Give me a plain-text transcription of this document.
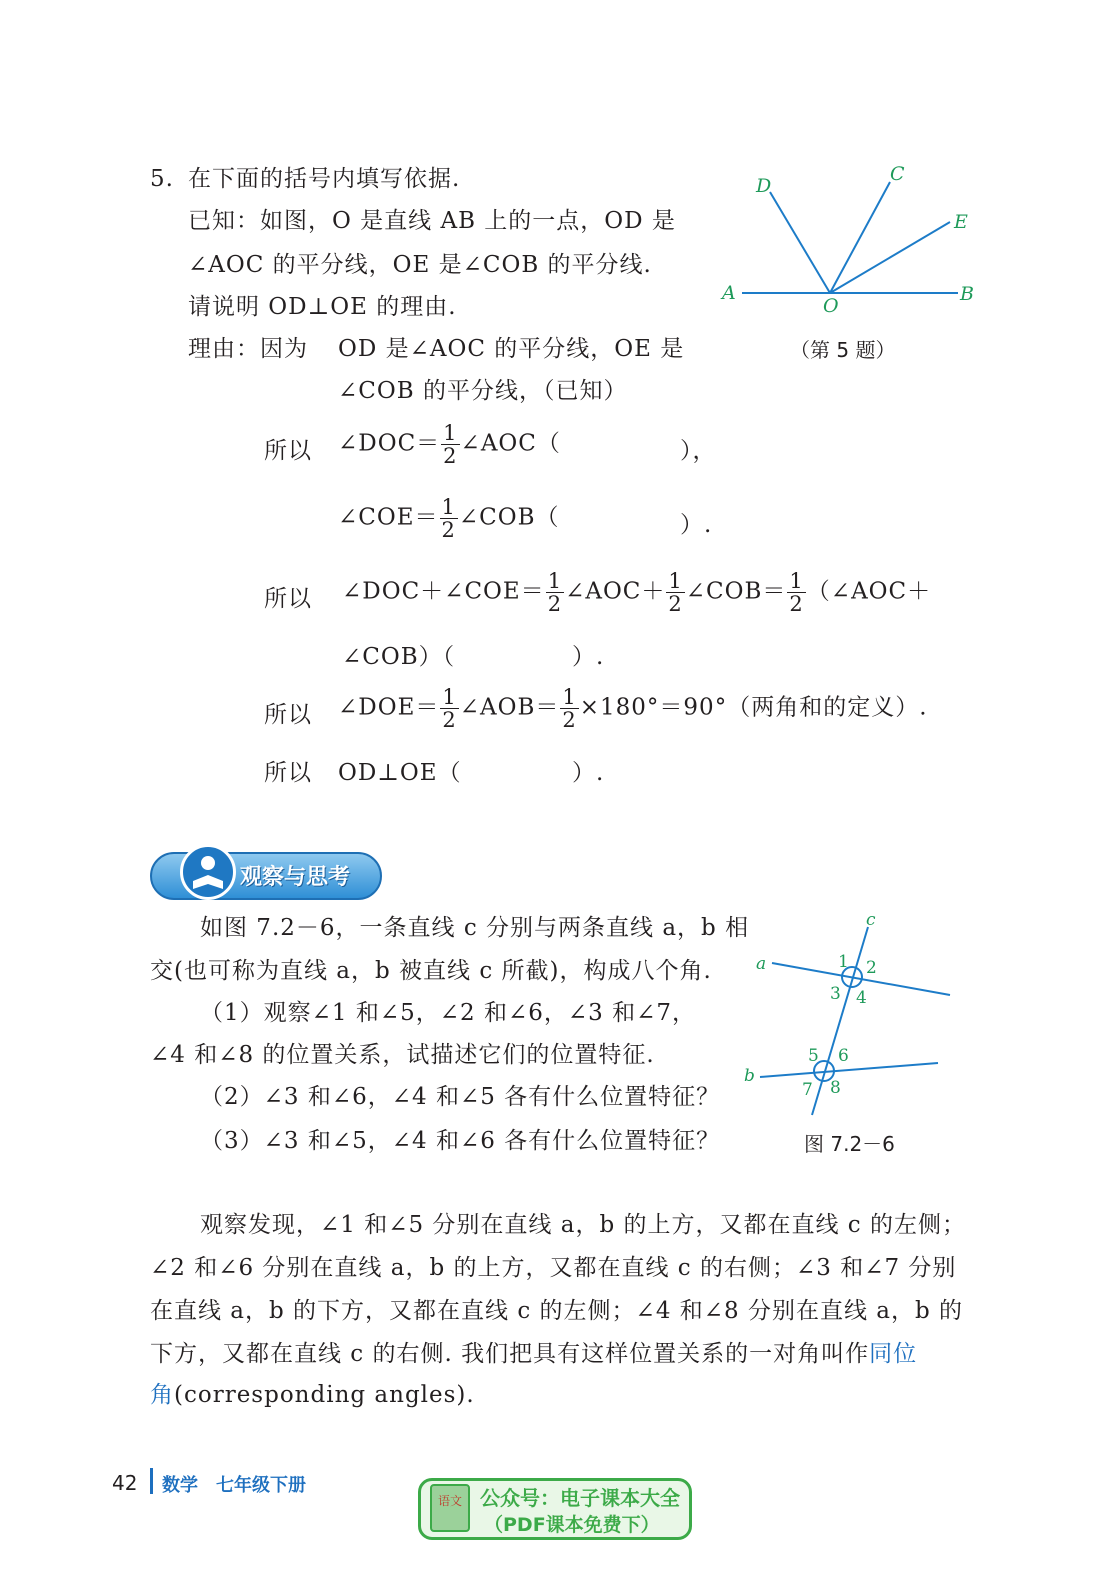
5. 在下面的括号内填写依据.
已知：如图，O 是直线 AB 上的一点，OD 是
∠AOC 的平分线，OE 是∠COB 的平分线.
请说明 OD⊥OE 的理由.
理由：因为 OD 是∠AOC 的平分线，OE 是
∠COB 的平分线，（已知）
所以 ∠DOC＝ $\frac{1}{2}$ ∠AOC（	），
∠COE＝ $\frac{1}{2}$ ∠COB（	）.
所以 ∠DOC＋∠COE＝ $\frac{1}{2}$ ∠AOC＋ $\frac{1}{2}$ ∠COB＝ $\frac{1}{2}$ （∠AOC＋
∠COB）（	）.
所以 ∠DOE＝ $\frac{1}{2}$ ∠AOB＝ $\frac{1}{2} \times 180^\circ=90^\circ$（两角和的定义）.
所以 OD⊥OE（	）.
A	B
C
D
E
O
（第 5 题）
观察与思考
如图 7.2－6，一条直线 c 分别与两条直线 a，b 相
交(也可称为直线 a，b 被直线 c 所截)，构成八个角.
（1）观察∠1 和∠5，∠2 和∠6，∠3 和∠7，
∠4 和∠8 的位置关系，试描述它们的位置特征.
（2）∠3 和∠6，∠4 和∠5 各有什么位置特征？
（3）∠3 和∠5，∠4 和∠6 各有什么位置特征？
a
b
c
1 2
3 4
5 6
7 8
图 7.2－6
观察发现，∠1 和∠5 分别在直线 a，b 的上方，又都在直线 c 的左侧；
∠2 和∠6 分别在直线 a，b 的上方，又都在直线 c 的右侧；∠3 和∠7 分别
在直线 a，b 的下方，又都在直线 c 的左侧；∠4 和∠8 分别在直线 a，b 的
下方，又都在直线 c 的右侧. 我们把具有这样位置关系的一对角叫作同位
角(corresponding angles).
42 数学　七年级下册
语文 公众号：电子课本大全
（PDF课本免费下）
